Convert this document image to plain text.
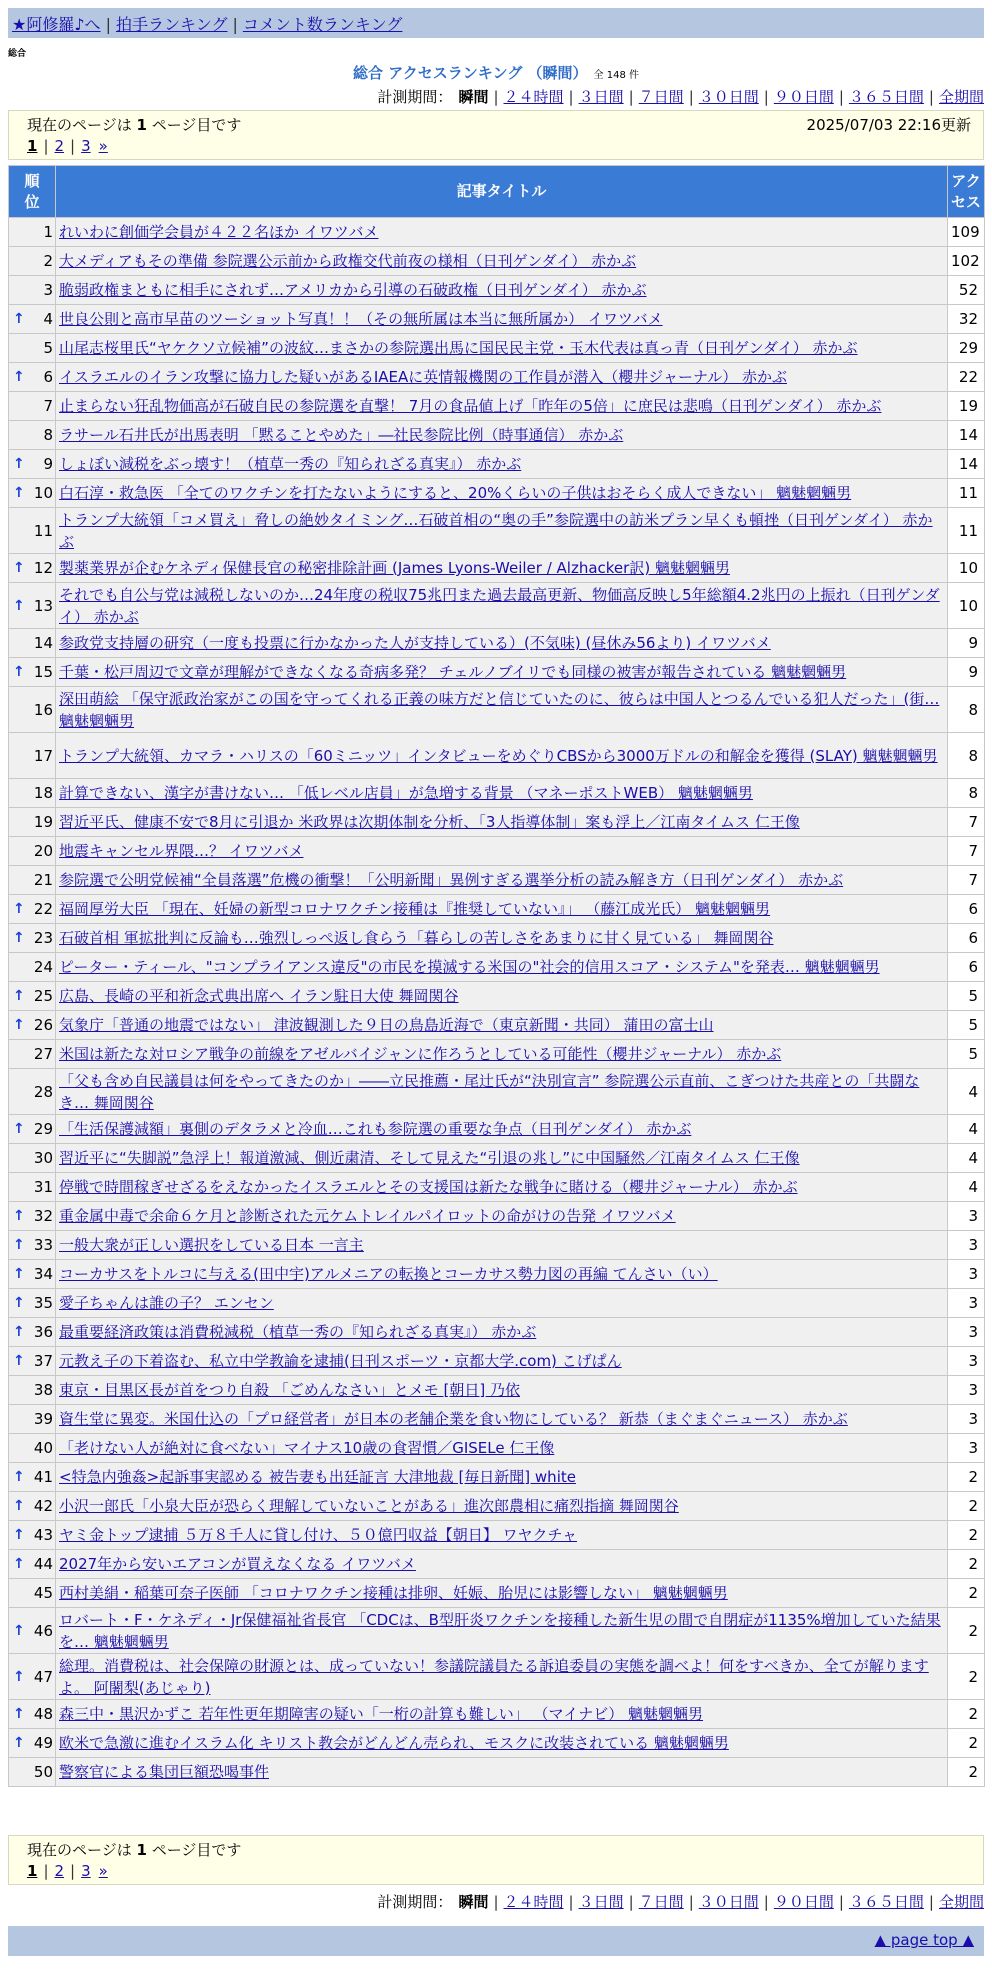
★阿修羅♪へ | 拍手ランキング | コメント数ランキング
総合
総合 アクセスランキング （瞬間） 全 148 件
計測期間： 瞬間 | ２４時間 | ３日間 | ７日間 | ３０日間 | ９０日間 | ３６５日間 | 全期間
現在のページは 1 ページ目です	2025/07/03 22:16更新
1 | 2 | 3 »
順位	記事タイトル	アクセス
1	れいわに創価学会員が４２２名ほか イワツバメ	109
2	大メディアもその準備 参院選公示前から政権交代前夜の様相（日刊ゲンダイ） 赤かぶ	102
3	脆弱政権まともに相手にされず…アメリカから引導の石破政権（日刊ゲンダイ） 赤かぶ	52

↑ 4	世良公則と高市早苗のツーショット写真！！（その無所属は本当に無所属か） イワツバメ	32
5	山尾志桜里氏“ヤケクソ立候補”の波紋…まさかの参院選出馬に国民民主党・玉木代表は真っ青（日刊ゲンダイ） 赤かぶ	29

↑ 6	イスラエルのイラン攻撃に協力した疑いがあるIAEAに英情報機関の工作員が潜入（櫻井ジャーナル） 赤かぶ	22
7	止まらない狂乱物価高が石破自民の参院選を直撃！ 7月の食品値上げ「昨年の5倍」に庶民は悲鳴（日刊ゲンダイ） 赤かぶ	19
8	ラサール石井氏が出馬表明 「黙ることやめた」―社民参院比例（時事通信） 赤かぶ	14

↑ 9	しょぼい減税をぶっ壊す！（植草一秀の『知られざる真実』） 赤かぶ	14

↑ 10	白石淳・救急医 「全てのワクチンを打たないようにすると、20%くらいの子供はおそらく成人できない」 魑魅魍魎男	11
11	トランプ大統領「コメ買え」脅しの絶妙タイミング…石破首相の“奥の手”参院選中の訪米プラン早くも頓挫（日刊ゲンダイ） 赤かぶ	11

↑ 12	製薬業界が企むケネディ保健長官の秘密排除計画 (James Lyons-Weiler / Alzhacker訳) 魑魅魍魎男	10

↑ 13	それでも自公与党は減税しないのか…24年度の税収75兆円また過去最高更新、物価高反映し5年総額4.2兆円の上振れ（日刊ゲンダイ） 赤かぶ	10
14	参政党支持層の研究（一度も投票に行かなかった人が支持している）(不気味) (昼休み56より) イワツバメ	9

↑ 15	千葉・松戸周辺で文章が理解ができなくなる奇病多発？ チェルノブイリでも同様の被害が報告されている 魑魅魍魎男	9
16	深田萌絵 「保守派政治家がこの国を守ってくれる正義の味方だと信じていたのに、彼らは中国人とつるんでいる犯人だった」(街… 魑魅魍魎男	8
17	トランプ大統領、カマラ・ハリスの「60ミニッツ」インタビューをめぐりCBSから3000万ドルの和解金を獲得 (SLAY) 魑魅魍魎男	8
18	計算できない、漢字が書けない… 「低レベル店員」が急増する背景 （マネーポストWEB） 魑魅魍魎男	8
19	習近平氏、健康不安で8月に引退か 米政界は次期体制を分析、「3人指導体制」案も浮上／江南タイムス 仁王像	7
20	地震キャンセル界隈…？ イワツバメ	7
21	参院選で公明党候補“全員落選”危機の衝撃！「公明新聞」異例すぎる選挙分析の読み解き方（日刊ゲンダイ） 赤かぶ	7

↑ 22	福岡厚労大臣 「現在、妊婦の新型コロナワクチン接種は『推奨していない』」 （藤江成光氏） 魑魅魍魎男	6

↑ 23	石破首相 軍拡批判に反論も…強烈しっぺ返し食らう「暮らしの苦しさをあまりに甘く見ている」 舞岡関谷	6
24	ピーター・ティール、"コンプライアンス違反"の市民を摸滅する米国の"社会的信用スコア・システム"を発表… 魑魅魍魎男	6

↑ 25	広島、長崎の平和祈念式典出席へ イラン駐日大使 舞岡関谷	5

↑ 26	気象庁「普通の地震ではない」 津波観測した９日の鳥島近海で（東京新聞・共同） 蒲田の富士山	5
27	米国は新たな対ロシア戦争の前線をアゼルバイジャンに作ろうとしている可能性（櫻井ジャーナル） 赤かぶ	5
28	「父も含め自民議員は何をやってきたのか」――立民推薦・尾辻氏が“決別宣言” 参院選公示直前、こぎつけた共産との「共闘なき… 舞岡関谷	4

↑ 29	「生活保護減額」裏側のデタラメと冷血…これも参院選の重要な争点（日刊ゲンダイ） 赤かぶ	4
30	習近平に“失脚説”急浮上！報道激減、側近粛清、そして見えた“引退の兆し”に中国騒然／江南タイムス 仁王像	4
31	停戦で時間稼ぎせざるをえなかったイスラエルとその支援国は新たな戦争に賭ける（櫻井ジャーナル） 赤かぶ	4

↑ 32	重金属中毒で余命６ケ月と診断された元ケムトレイルパイロットの命がけの告発 イワツバメ	3

↑ 33	一般大衆が正しい選択をしている日本 一言主	3

↑ 34	コーカサスをトルコに与える(田中宇)アルメニアの転換とコーカサス勢力図の再編 てんさい（い）	3

↑ 35	愛子ちゃんは誰の子？ エンセン	3

↑ 36	最重要経済政策は消費税減税（植草一秀の『知られざる真実』） 赤かぶ	3

↑ 37	元教え子の下着盗む、私立中学教諭を逮捕(日刊スポーツ・京都大学.com) こげぱん	3
38	東京・目黒区長が首をつり自殺 「ごめんなさい」とメモ [朝日] 乃依	3
39	資生堂に異変。米国仕込の「プロ経営者」が日本の老舗企業を食い物にしている？ 新恭（まぐまぐニュース） 赤かぶ	3
40	「老けない人が絶対に食べない」マイナス10歳の食習慣／GISELe 仁王像	3

↑ 41	<特急内強姦>起訴事実認める 被告妻も出廷証言 大津地裁 [毎日新聞] white	2

↑ 42	小沢一郎氏「小泉大臣が恐らく理解していないことがある」進次郎農相に痛烈指摘 舞岡関谷	2

↑ 43	ヤミ金トップ逮捕 ５万８千人に貸し付け、５０億円収益【朝日】 ワヤクチャ	2

↑ 44	2027年から安いエアコンが買えなくなる イワツバメ	2
45	西村美絹・稲葉可奈子医師 「コロナワクチン接種は排卵、妊娠、胎児には影響しない」 魑魅魍魎男	2

↑ 46	ロバート・F・ケネディ・Jr保健福祉省長官 「CDCは、B型肝炎ワクチンを接種した新生児の間で自閉症が1135%増加していた結果を… 魑魅魍魎男	2

↑ 47	総理。消費税は、社会保障の財源とは、成っていない！参議院議員たる訴追委員の実態を調べよ！何をすべきか、全てが解りますよ。 阿闍梨(あじゃり)	2

↑ 48	森三中・黒沢かずこ 若年性更年期障害の疑い「一桁の計算も難しい」 （マイナビ） 魑魅魍魎男	2

↑ 49	欧米で急激に進むイスラム化 キリスト教会がどんどん売られ、モスクに改装されている 魑魅魍魎男	2
50	警察官による集団巨額恐喝事件	2
現在のページは 1 ページ目です
1 | 2 | 3 »
計測期間： 瞬間 | ２４時間 | ３日間 | ７日間 | ３０日間 | ９０日間 | ３６５日間 | 全期間
▲ page top ▲
